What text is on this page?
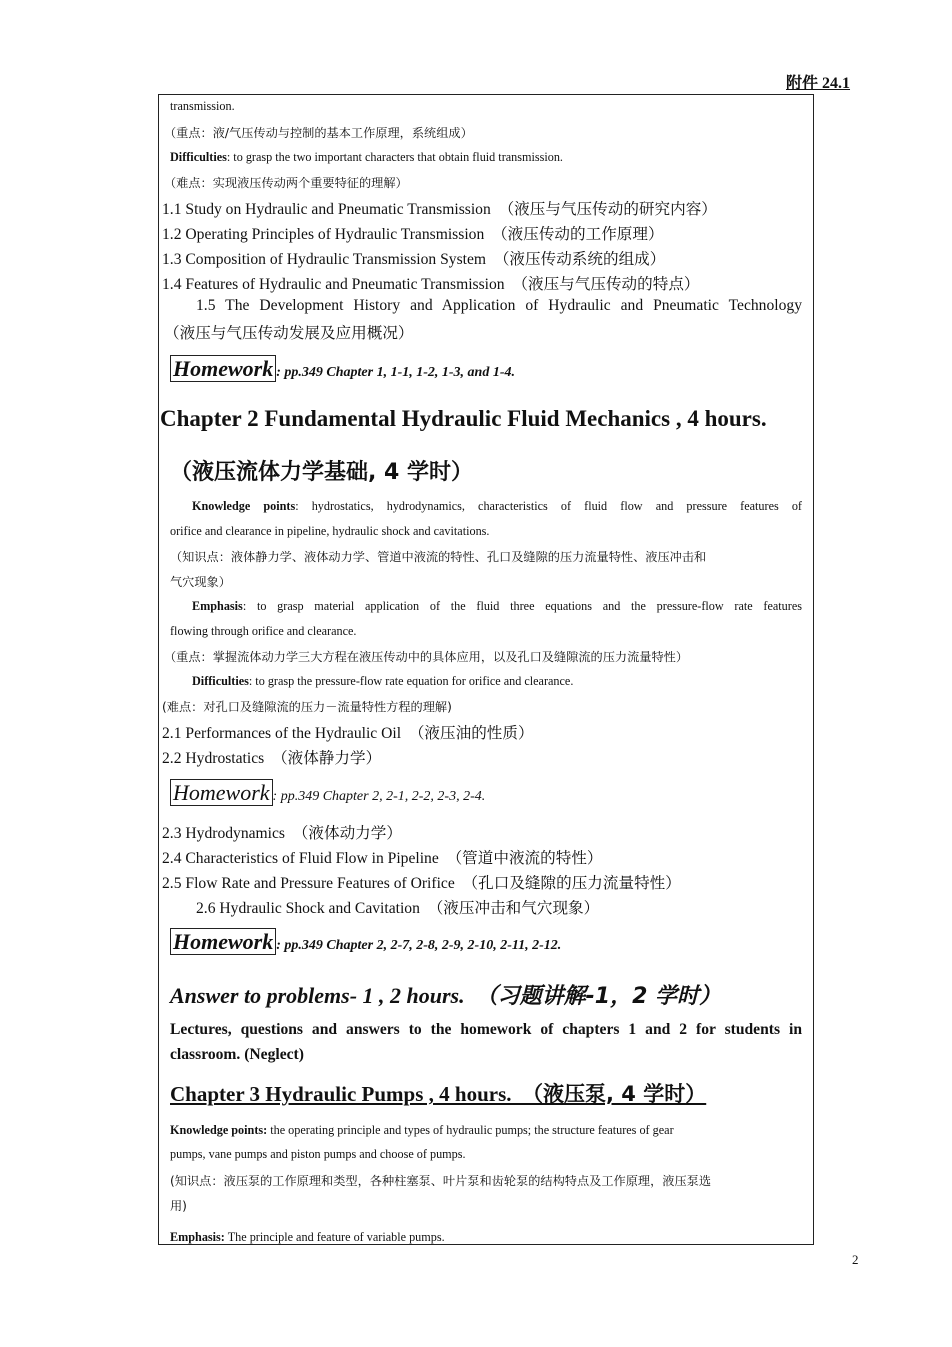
附件 24.1
transmission.
（重点：液/气压传动与控制的基本工作原理，系统组成）
Difficulties: to grasp the two important characters that obtain fluid transmission.
（难点：实现液压传动两个重要特征的理解）
1.1 Study on Hydraulic and Pneumatic Transmission （液压与气压传动的研究内容）
1.2 Operating Principles of Hydraulic Transmission （液压传动的工作原理）
1.3 Composition of Hydraulic Transmission System （液压传动系统的组成）
1.4 Features of Hydraulic and Pneumatic Transmission （液压与气压传动的特点）
1.5 The Development History and Application of Hydraulic and Pneumatic Technology
（液压与气压传动发展及应用概况）
Homework : pp.349 Chapter 1, 1-1, 1-2, 1-3, and 1-4.
Chapter 2 Fundamental Hydraulic Fluid Mechanics , 4 hours.
（液压流体力学基础, 4 学时）
Knowledge points: hydrostatics, hydrodynamics, characteristics of fluid flow and pressure features of
orifice and clearance in pipeline, hydraulic shock and cavitations.
（知识点：液体静力学、液体动力学、管道中液流的特性、孔口及缝隙的压力流量特性、液压冲击和
气穴现象）
Emphasis: to grasp material application of the fluid three equations and the pressure-flow rate features
flowing through orifice and clearance.
（重点：掌握流体动力学三大方程在液压传动中的具体应用，以及孔口及缝隙流的压力流量特性）
Difficulties: to grasp the pressure-flow rate equation for orifice and clearance.
(难点：对孔口及缝隙流的压力－流量特性方程的理解)
2.1 Performances of the Hydraulic Oil （液压油的性质）
2.2 Hydrostatics （液体静力学）
Homework : pp.349 Chapter 2, 2-1, 2-2, 2-3, 2-4.
2.3 Hydrodynamics （液体动力学）
2.4 Characteristics of Fluid Flow in Pipeline （管道中液流的特性）
2.5 Flow Rate and Pressure Features of Orifice （孔口及缝隙的压力流量特性）
2.6 Hydraulic Shock and Cavitation （液压冲击和气穴现象）
Homework : pp.349 Chapter 2, 2-7, 2-8, 2-9, 2-10, 2-11, 2-12.
Answer to problems- 1 , 2 hours. （习题讲解-1，2 学时）
Lectures, questions and answers to the homework of chapters 1 and 2 for students in
classroom. (Neglect)
Chapter 3 Hydraulic Pumps , 4 hours. （液压泵, 4 学时）
Knowledge points: the operating principle and types of hydraulic pumps; the structure features of gear
pumps, vane pumps and piston pumps and choose of pumps.
(知识点：液压泵的工作原理和类型，各种柱塞泵、叶片泵和齿轮泵的结构特点及工作原理，液压泵选
用)
Emphasis: The principle and feature of variable pumps.
2
